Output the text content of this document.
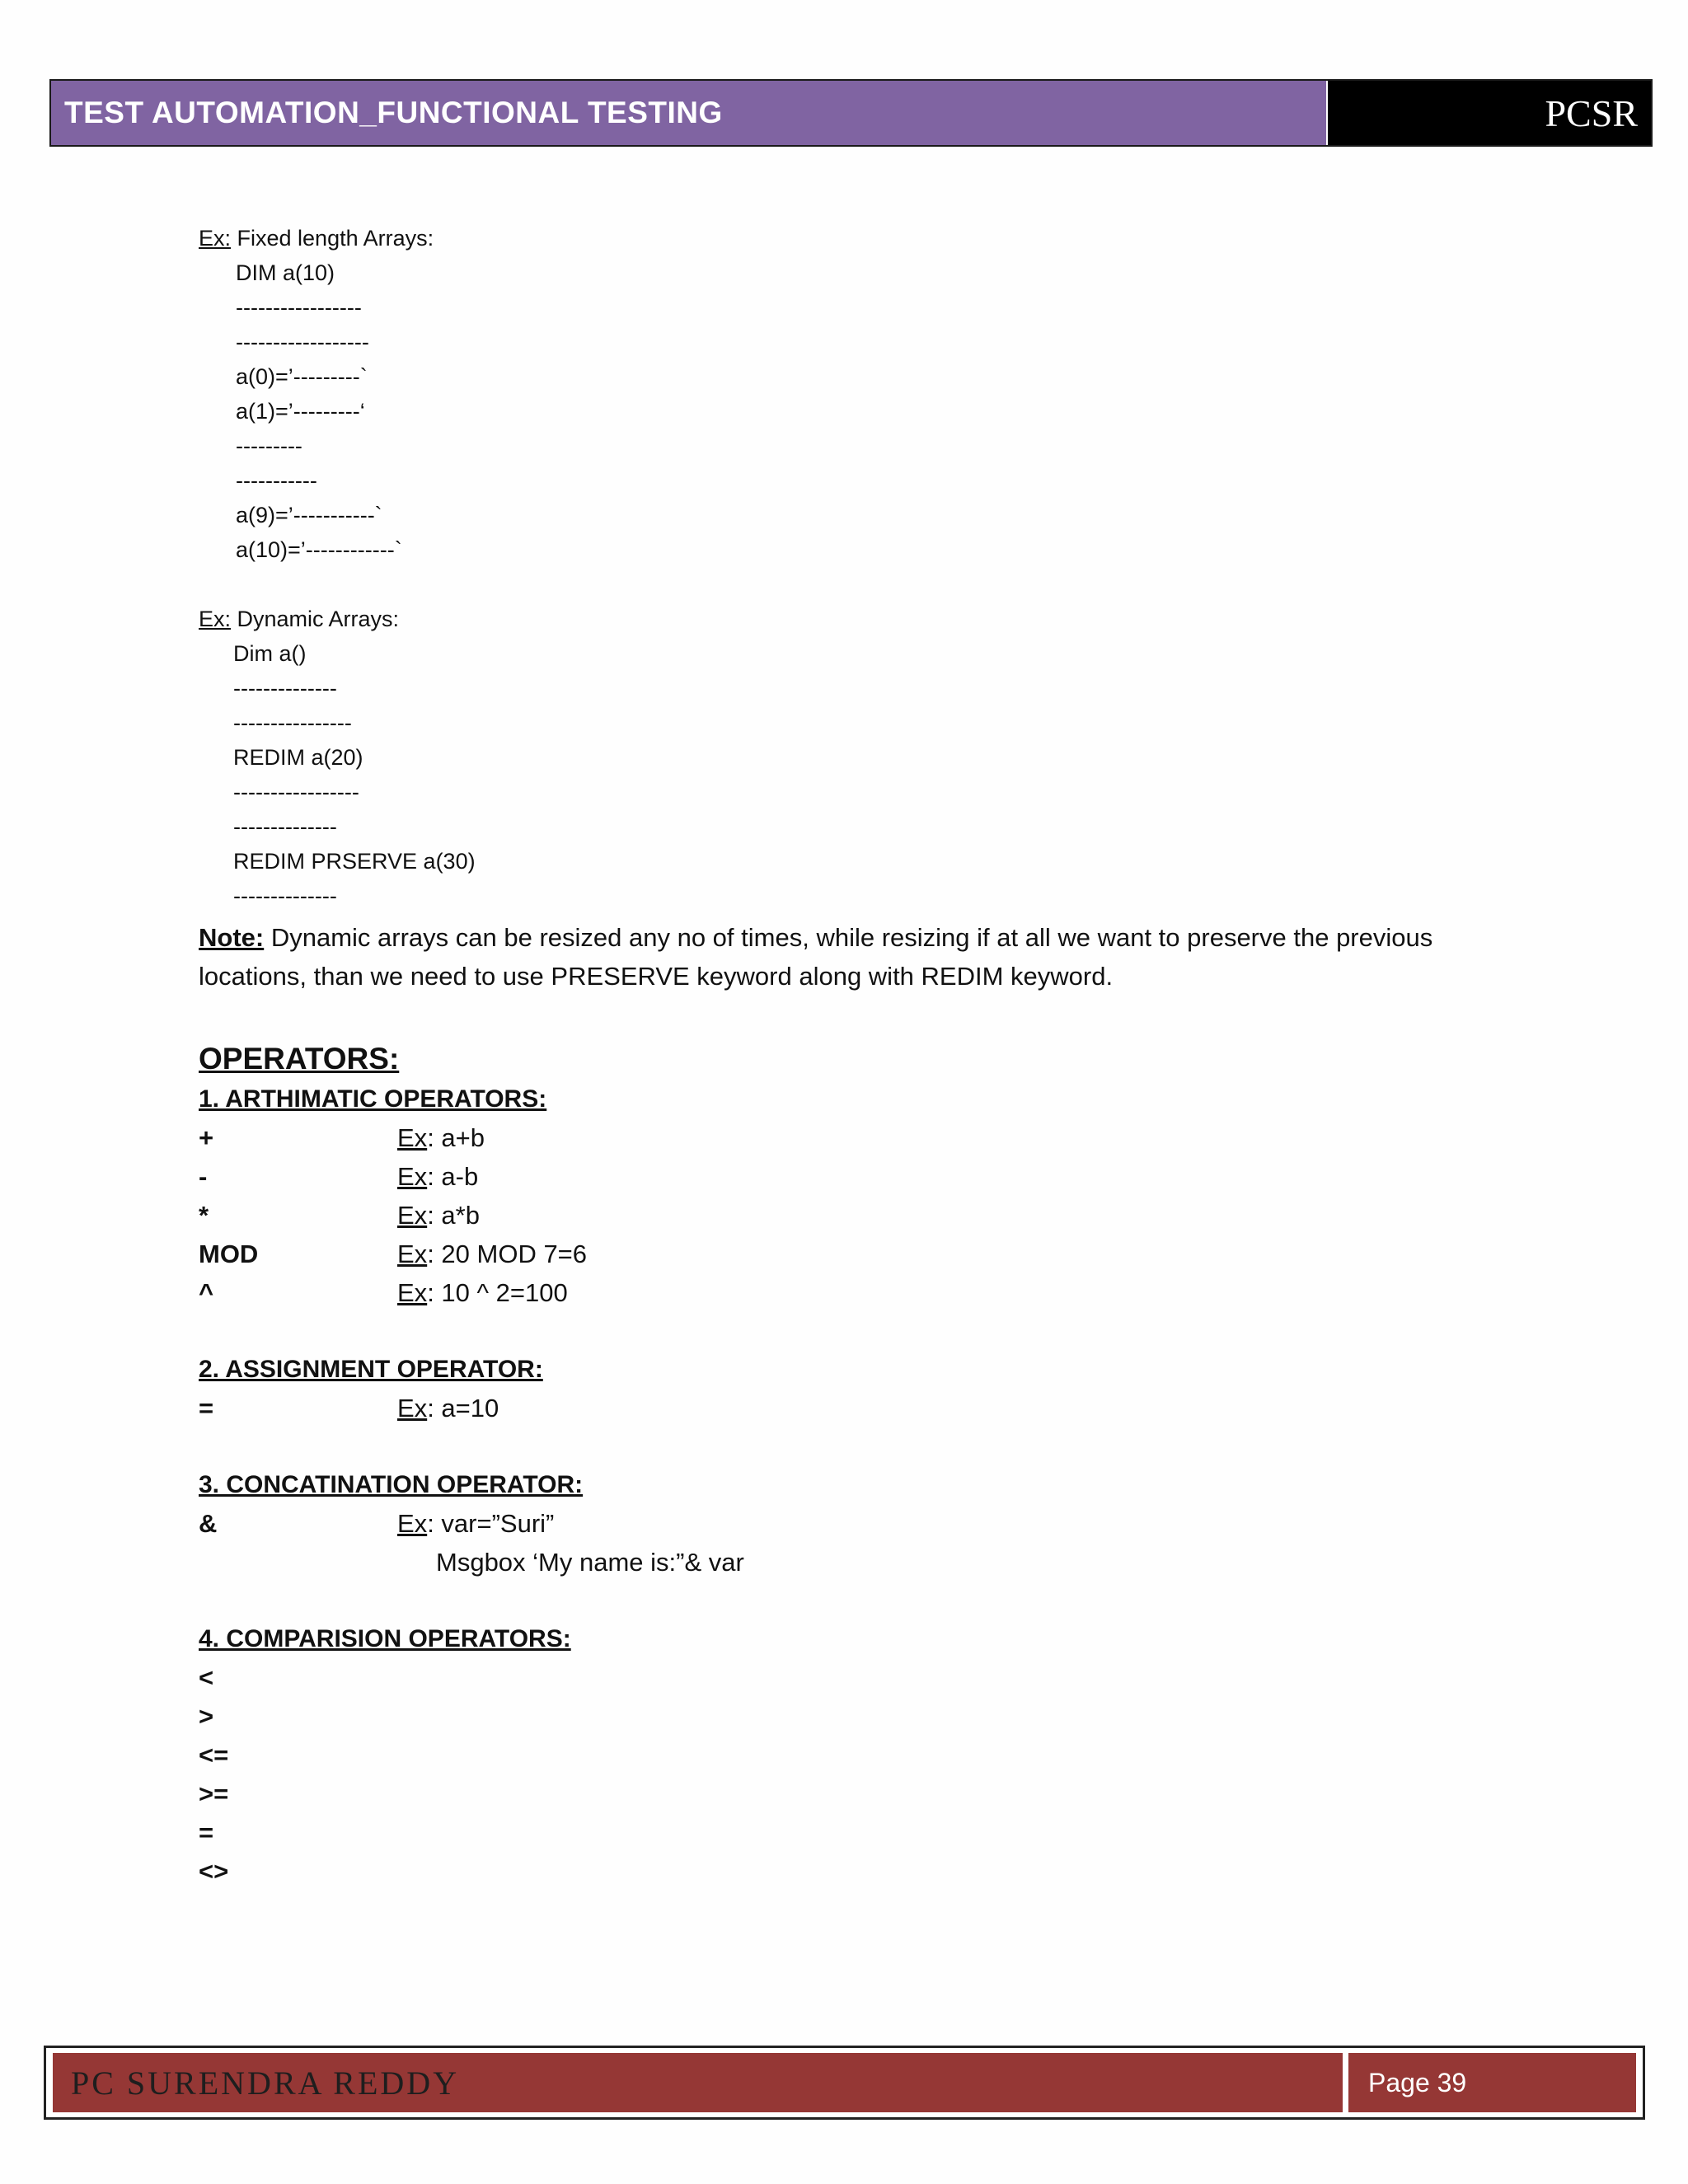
TEST AUTOMATION_FUNCTIONAL TESTING	PCSR
Ex: Fixed length Arrays:
DIM a(10)
-----------------
------------------
a(0)=’---------`
a(1)=’---------‘
---------
-----------
a(9)=’-----------`
a(10)=’------------`
Ex: Dynamic Arrays:
Dim a()
--------------
----------------
REDIM a(20)
-----------------
--------------
REDIM PRSERVE a(30)
--------------
Note: Dynamic arrays can be resized any no of times, while resizing if at all we want to preserve the previous locations, than we need to use PRESERVE keyword along with REDIM keyword.
OPERATORS:
1. ARTHIMATIC OPERATORS:
+	Ex: a+b
-	Ex: a-b
*	Ex: a*b
MOD	Ex: 20 MOD 7=6
^	Ex: 10 ^ 2=100
2. ASSIGNMENT OPERATOR:
=	Ex: a=10
3. CONCATINATION OPERATOR:
&	Ex: var=”Suri”
Msgbox ‘My name is:”& var
4. COMPARISION OPERATORS:
<
>
<=
>=
=
<>
PC SURENDRA REDDY	Page 39
